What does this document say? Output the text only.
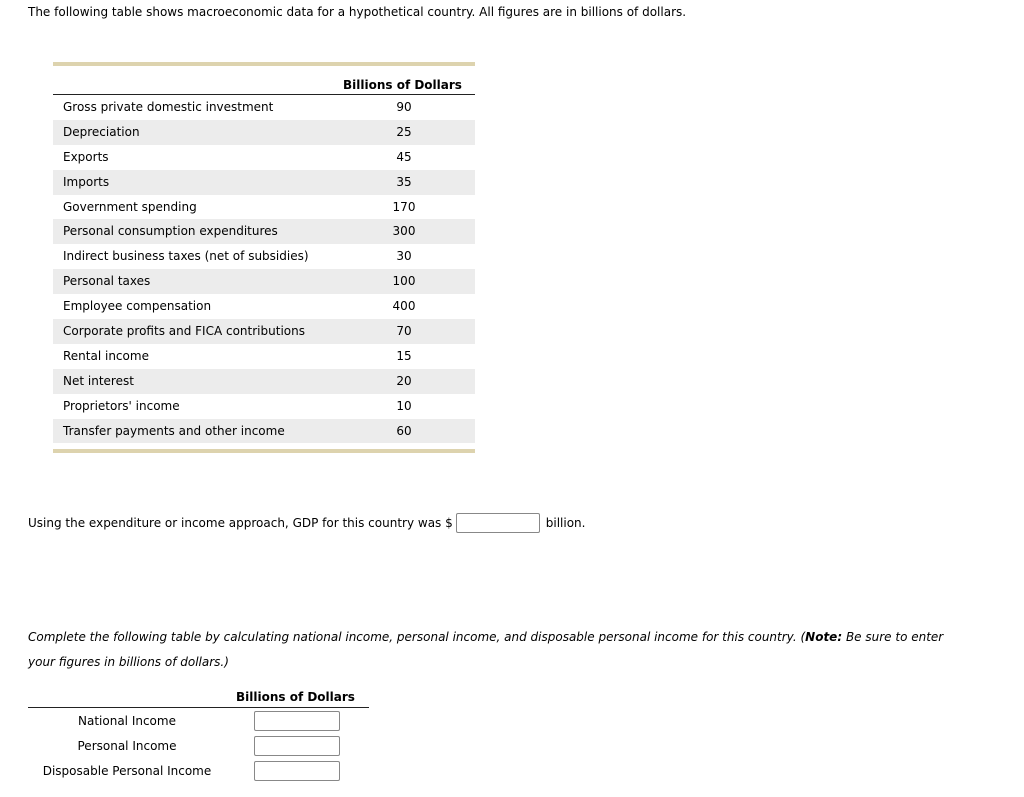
The following table shows macroeconomic data for a hypothetical country. All figures are in billions of dollars.
Billions of Dollars
Gross private domestic investment	90
Depreciation	25
Exports	45
Imports	35
Government spending	170
Personal consumption expenditures	300
Indirect business taxes (net of subsidies)	30
Personal taxes	100
Employee compensation	400
Corporate profits and FICA contributions	70
Rental income	15
Net interest	20
Proprietors' income	10
Transfer payments and other income	60
Using the expenditure or income approach, GDP for this country was $	billion.
Complete the following table by calculating national income, personal income, and disposable personal income for this country. (Note: Be sure to enter your figures in billions of dollars.)
Billions of Dollars
National Income
Personal Income
Disposable Personal Income
